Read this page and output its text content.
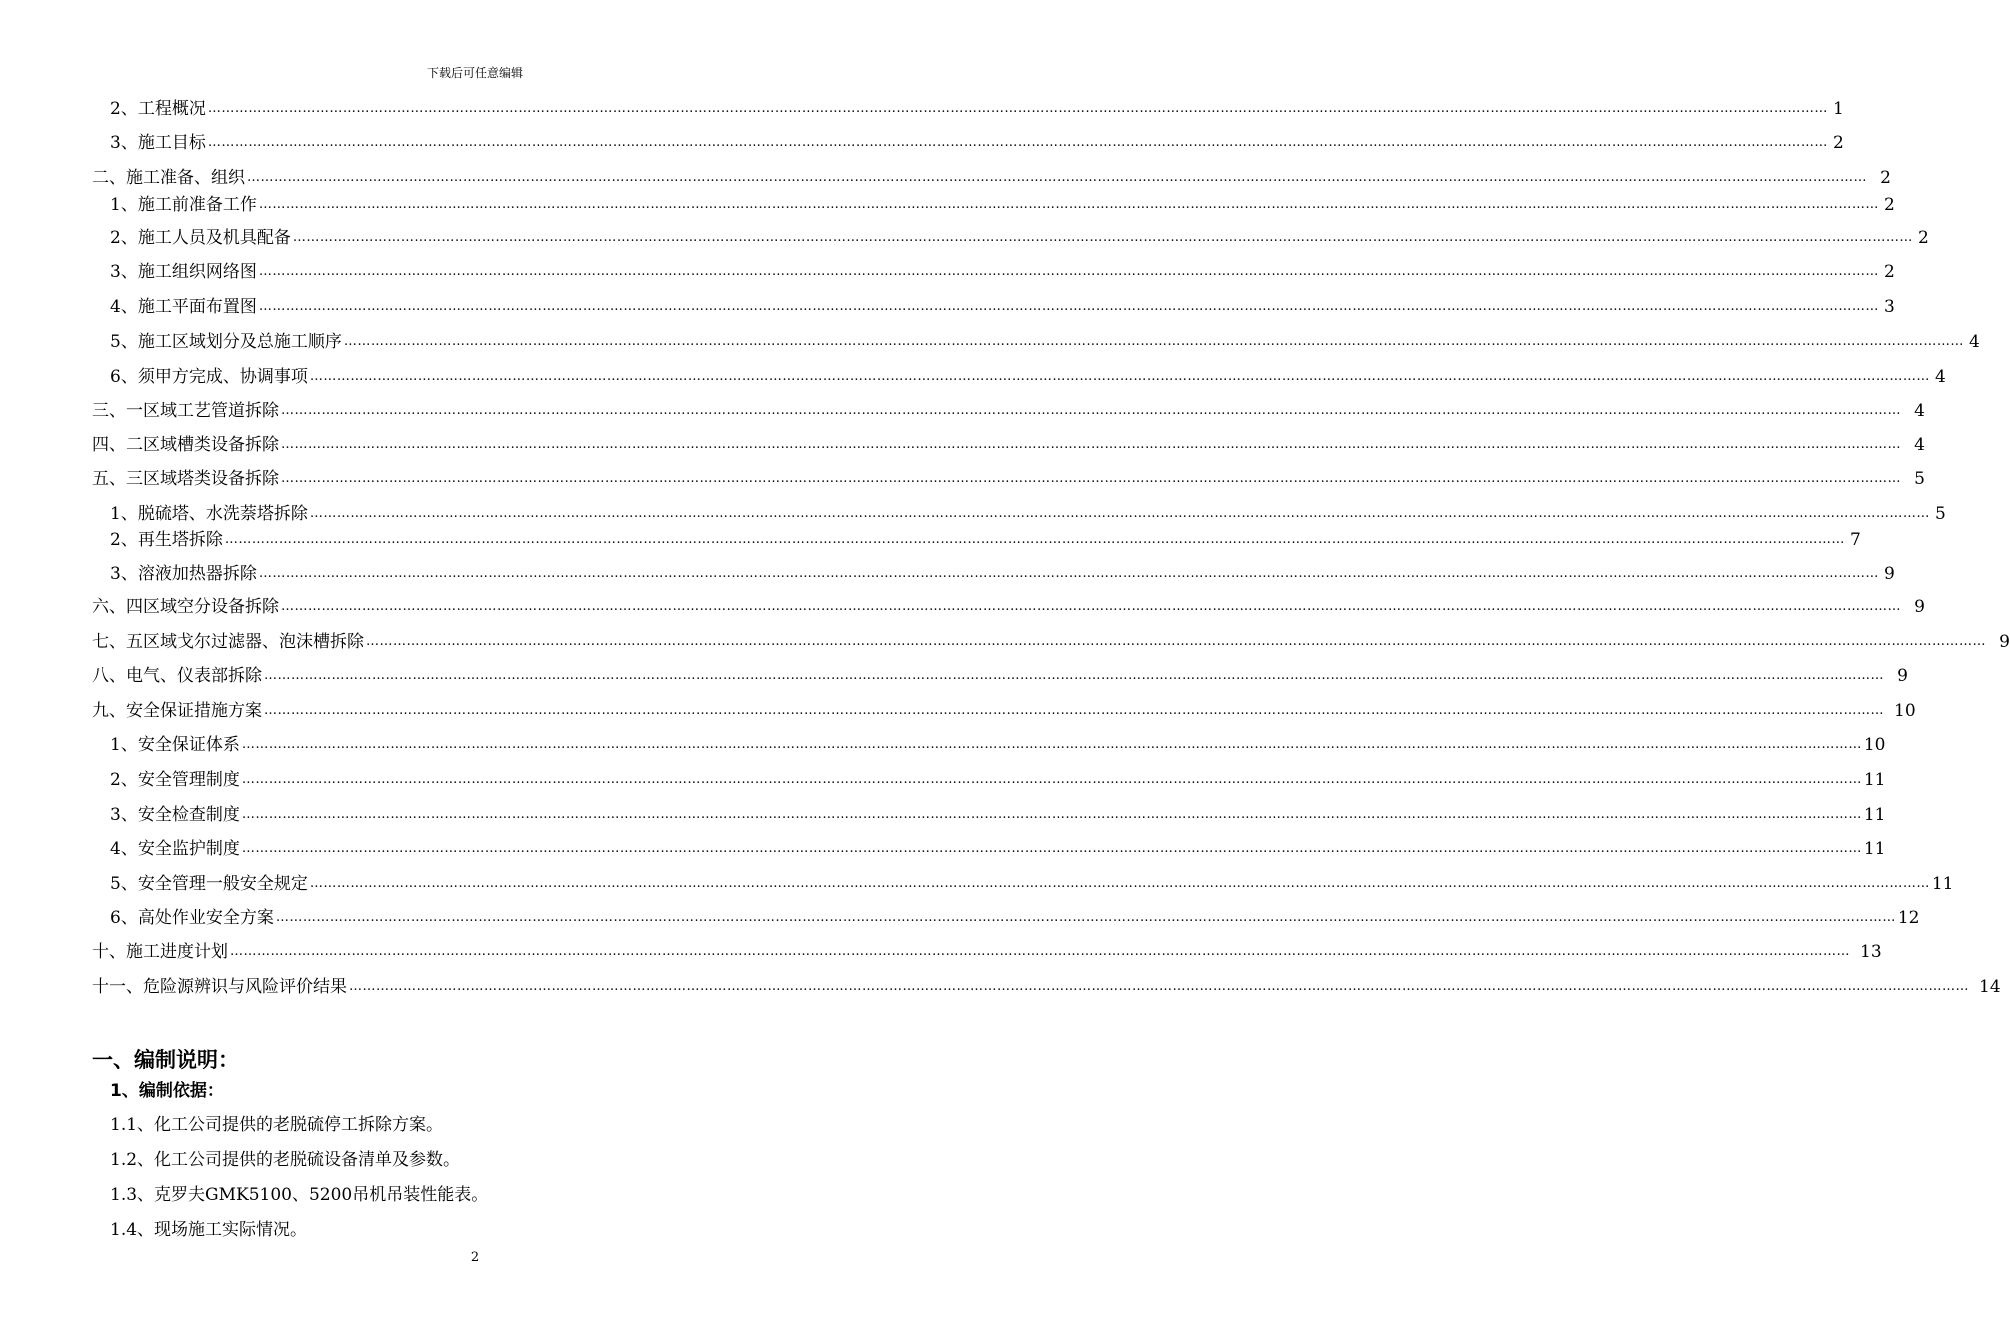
下载后可任意编辑
2、工程概况 ……………………………………………………………………………………………………………………………………………………………………………………………………………………………………………………………………………………………………………………………… 1
3、施工目标 ……………………………………………………………………………………………………………………………………………………………………………………………………………………………………………………………………………………………………………………………… 2
二、施工准备、组织 ……………………………………………………………………………………………………………………………………………………………………………………………………………………………………………………………………………………………………………………………… 2
1、施工前准备工作 ……………………………………………………………………………………………………………………………………………………………………………………………………………………………………………………………………………………………………………………………… 2
2、施工人员及机具配备 ……………………………………………………………………………………………………………………………………………………………………………………………………………………………………………………………………………………………………………………………… 2
3、施工组织网络图 ……………………………………………………………………………………………………………………………………………………………………………………………………………………………………………………………………………………………………………………………… 2
4、施工平面布置图 ……………………………………………………………………………………………………………………………………………………………………………………………………………………………………………………………………………………………………………………………… 3
5、施工区域划分及总施工顺序 ……………………………………………………………………………………………………………………………………………………………………………………………………………………………………………………………………………………………………………………………… 4
6、须甲方完成、协调事项 ……………………………………………………………………………………………………………………………………………………………………………………………………………………………………………………………………………………………………………………………… 4
三、一区域工艺管道拆除 ……………………………………………………………………………………………………………………………………………………………………………………………………………………………………………………………………………………………………………………………… 4
四、二区域槽类设备拆除 ……………………………………………………………………………………………………………………………………………………………………………………………………………………………………………………………………………………………………………………………… 4
五、三区域塔类设备拆除 ……………………………………………………………………………………………………………………………………………………………………………………………………………………………………………………………………………………………………………………………… 5
1、脱硫塔、水洗萘塔拆除 ……………………………………………………………………………………………………………………………………………………………………………………………………………………………………………………………………………………………………………………………… 5
2、再生塔拆除 ……………………………………………………………………………………………………………………………………………………………………………………………………………………………………………………………………………………………………………………………… 7
3、溶液加热器拆除 ……………………………………………………………………………………………………………………………………………………………………………………………………………………………………………………………………………………………………………………………… 9
六、四区域空分设备拆除 ……………………………………………………………………………………………………………………………………………………………………………………………………………………………………………………………………………………………………………………………… 9
七、五区域戈尔过滤器、泡沫槽拆除 ……………………………………………………………………………………………………………………………………………………………………………………………………………………………………………………………………………………………………………………………… 9
八、电气、仪表部拆除 ……………………………………………………………………………………………………………………………………………………………………………………………………………………………………………………………………………………………………………………………… 9
九、安全保证措施方案 ……………………………………………………………………………………………………………………………………………………………………………………………………………………………………………………………………………………………………………………………… 10
1、安全保证体系 ……………………………………………………………………………………………………………………………………………………………………………………………………………………………………………………………………………………………………………………………… 10
2、安全管理制度 ……………………………………………………………………………………………………………………………………………………………………………………………………………………………………………………………………………………………………………………………… 11
3、安全检查制度 ……………………………………………………………………………………………………………………………………………………………………………………………………………………………………………………………………………………………………………………………… 11
4、安全监护制度 ……………………………………………………………………………………………………………………………………………………………………………………………………………………………………………………………………………………………………………………………… 11
5、安全管理一般安全规定 ……………………………………………………………………………………………………………………………………………………………………………………………………………………………………………………………………………………………………………………………… 11
6、高处作业安全方案 ……………………………………………………………………………………………………………………………………………………………………………………………………………………………………………………………………………………………………………………………… 12
十、施工进度计划 ……………………………………………………………………………………………………………………………………………………………………………………………………………………………………………………………………………………………………………………………… 13
十一、危险源辨识与风险评价结果 ……………………………………………………………………………………………………………………………………………………………………………………………………………………………………………………………………………………………………………………………… 14
一、编制说明：
1、编制依据：
1.1、化工公司提供的老脱硫停工拆除方案。
1.2、化工公司提供的老脱硫设备清单及参数。
1.3、克罗夫GMK5100、5200吊机吊装性能表。
1.4、现场施工实际情况。
2
